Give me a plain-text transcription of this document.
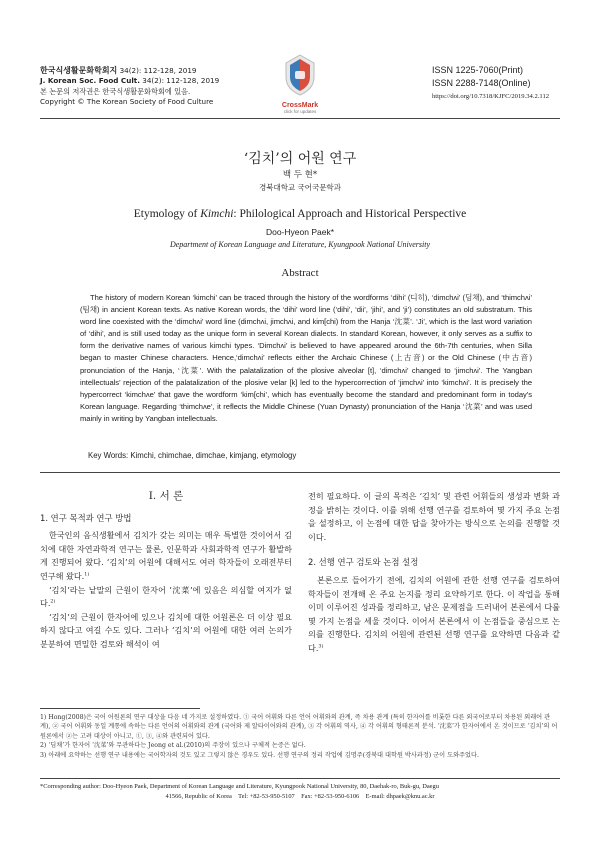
한국식생활문화학회지 34(2): 112-128, 2019
J. Korean Soc. Food Cult. 34(2): 112-128, 2019
본 논문의 저작권은 한국식생활문화학회에 있음.
Copyright © The Korean Society of Food Culture	CrossMark
click for updates
ISSN 1225-7060(Print)
ISSN 2288-7148(Online)
https://doi.org/10.7318/KJFC/2019.34.2.112
‘김치’의 어원 연구
백 두 현*
경북대학교 국어국문학과
Etymology of Kimchi: Philological Approach and Historical Perspective
Doo-Hyeon Paek*
Department of Korean Language and Literature, Kyungpook National University
Abstract

The history of modern Korean ‘kimchi’ can be traced through the history of the wordforms ‘dihi’ (디히), ‘dimchʌi’ (딤채), and ‘thimchʌi’ (팀채) in ancient Korean texts. As native Korean words, the ‘dihi’ word line (‘dihi’, ‘dii’, ‘jihi’, and ‘ji’) constitutes an old substratum. This word line coexisted with the ‘dimchʌi’ word line (dimchʌi, jimchʌi, and kim[chi) from the Hanja ‘沈菜’. ‘Ji’, which is the last word variation of ‘dihi’, and is still used today as the unique form in several Korean dialects. In standard Korean, however, it only serves as a suffix to form the derivative names of various kimchi types. ‘Dimchʌi’ is believed to have appeared around the 6th-7th centuries, when Silla began to master Chinese characters. Hence,‘dimchʌi’ reflects either the Archaic Chinese (上古音) or the Old Chinese (中古音) pronunciation of the Hanja, ‘沈菜’. With the palatalization of the plosive alveolar [t], ‘dimchʌi’ changed to ‘jimchʌi’. The Yangban intellectuals’ rejection of the palatalization of the plosive velar [k] led to the hypercorrection of ‘jimchʌi’ into ‘kimchʌi’. It is precisely the hypercorrect ‘kimchʌe’ that gave the wordform ‘kim[chi’, which has eventually become the standard and predominant form in today’s Korean language. Regarding ‘thimchʌe’, it reflects the Middle Chinese (Yuan Dynasty) pronunciation of the Hanja ‘沈菜’ and was used mainly in writing by Yangban intellectuals.

Key Words: Kimchi, chimchae, dimchae, kimjang, etymology
Ⅰ. 서 론
1. 연구 목적과 연구 방법

한국인의 음식생활에서 김치가 갖는 의미는 매우 특별한 것이어서 김치에 대한 자연과학적 연구는 물론, 인문학과 사회과학적 연구가 활발하게 진행되어 왔다. ‘김치’의 어원에 대해서도 여러 학자들이 오래전부터 연구해 왔다.$^{1)}$

‘김치’라는 낱말의 근원이 한자어 ‘沈菜’에 있음은 의심할 여지가 없다.$^{2)}$

‘김치’의 근원이 한자어에 있으나 김치에 대한 어원론은 더 이상 필요하지 않다고 여길 수도 있다. 그러나 ‘김치’의 어원에 대한 여러 논의가 분분하여 면밀한 검토와 해석이 여

전히 필요하다. 이 글의 목적은 ‘김치’ 및 관련 어휘들의 생성과 변화 과정을 밝히는 것이다. 이를 위해 선행 연구를 검토하여 몇 가지 주요 논점을 설정하고, 이 논점에 대한 답을 찾아가는 방식으로 논의를 진행할 것이다.

2. 선행 연구 검토와 논점 설정

본론으로 들어가기 전에, 김치의 어원에 관한 선행 연구를 검토하여 학자들이 전개해 온 주요 논지를 정리 요약하기로 한다. 이 작업을 통해 이미 이루어진 성과를 정리하고, 남은 문제점을 드러내어 본론에서 다룰 몇 가지 논점을 세울 것이다. 이어서 본론에서 이 논점들을 중심으로 논의를 진행한다. 김치의 어원에 관련된 선행 연구를 요약하면 다음과 같다.$^{3)}$

1) Hong(2008)은 국어 어원론의 연구 대상을 다음 네 가지로 설정하였다. ① 국어 어휘와 다른 언어 어휘와의 관계, 즉 차용 관계 (특히 한자어를 비롯한 다른 외국어로부터 차용된 외래어 관계), ② 국어 어휘와 동일 계통에 속하는 다른 언어의 어휘와의 관계 (국어와 제 알타이어와의 관계), ③ 각 어휘의 역사, ④ 각 어휘의 형태론적 분석. ‘沈菜’가 한자어에서 온 것이므로 ‘김치’의 어원론에서 ②는 고려 대상이 아니고, ①, ③, ④와 관련되어 있다.

2) ‘딤채’가 한자어 ‘沈菜’와 무관하다는 Jeong et al.(2010)의 주장이 있으나 구체적 논증은 없다.

3) 아래에 요약하는 선행 연구 내용에는 국어학자의 것도 있고 그렇지 않은 경우도 있다. 선행 연구의 정리 작업에 김명주(경북대 대학원 박사과정) 군이 도와주었다.

*Corresponding author: Doo-Hyeon Paek, Department of Korean Language and Literature, Kyungpook National University, 80, Daehak-ro, Buk-gu, Daegu
41566, Republic of Korea    Tel: +82-53-950-5107    Fax: +82-53-950-6106    E-mail: dhpaek@knu.ac.kr
